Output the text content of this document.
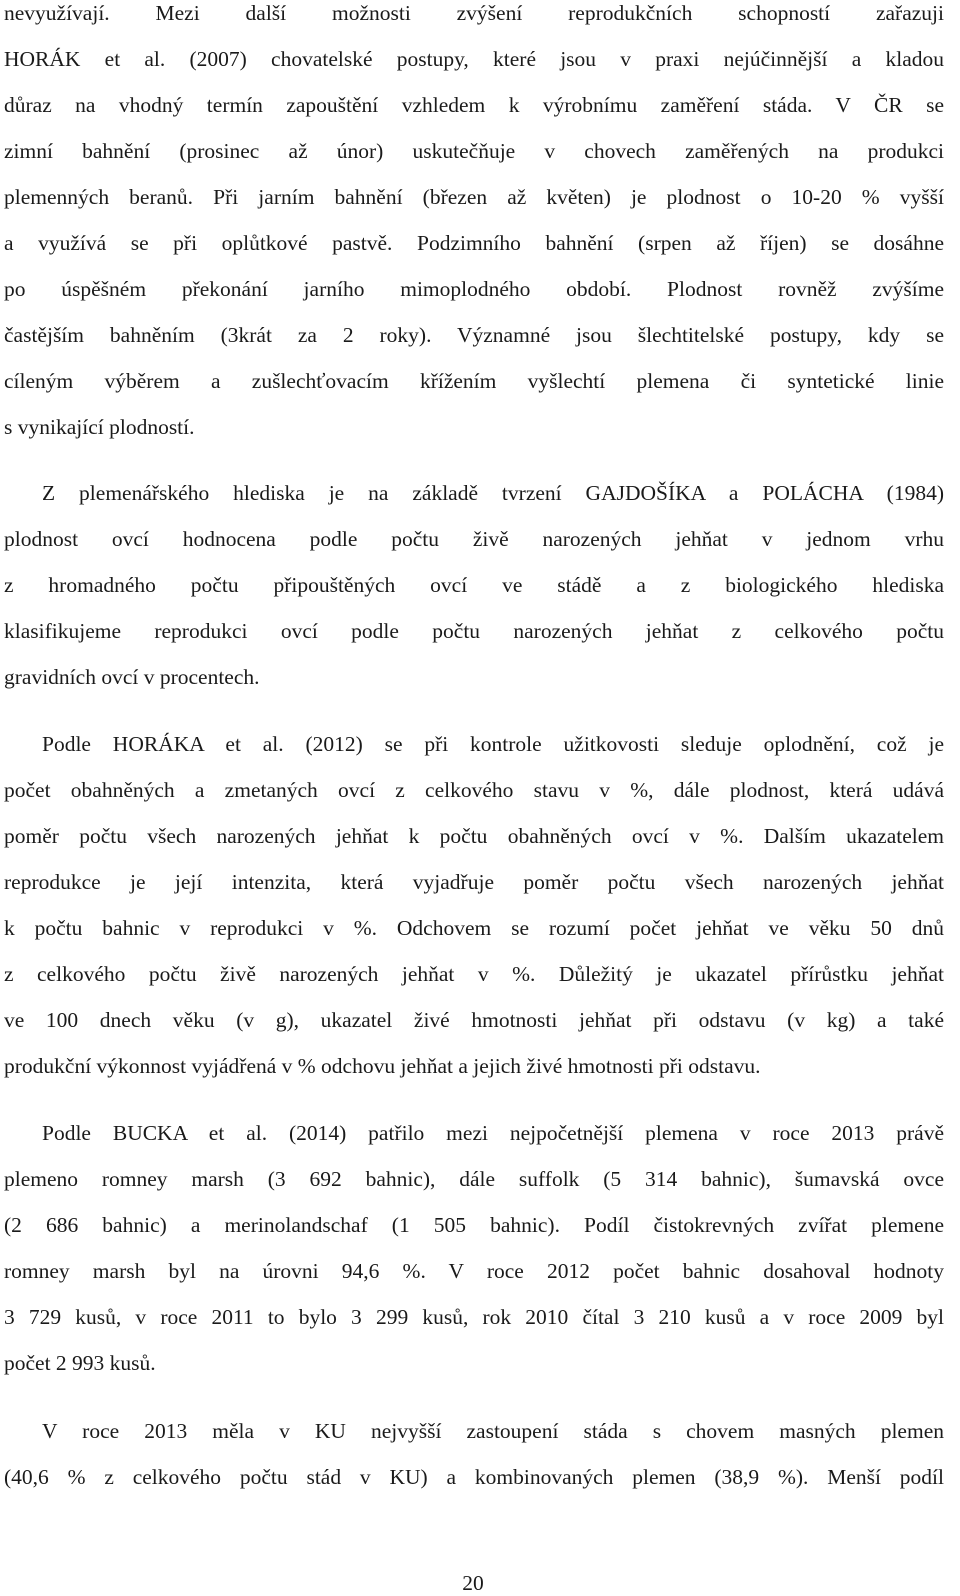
nevyužívají. Mezi další možnosti zvýšení reprodukčních schopností zařazuji
HORÁK et al. (2007) chovatelské postupy, které jsou v praxi nejúčinnější a kladou
důraz na vhodný termín zapouštění vzhledem k výrobnímu zaměření stáda. V ČR se
zimní bahnění (prosinec až únor) uskutečňuje v chovech zaměřených na produkci
plemenných beranů. Při jarním bahnění (březen až květen) je plodnost o 10-20 % vyšší
a využívá se při oplůtkové pastvě. Podzimního bahnění (srpen až říjen) se dosáhne
po úspěšném překonání jarního mimoplodného období. Plodnost rovněž zvýšíme
častějším bahněním (3krát za 2 roky). Významné jsou šlechtitelské postupy, kdy se
cíleným výběrem a zušlechťovacím křížením vyšlechtí plemena či syntetické linie
s vynikající plodností.
Z plemenářského hlediska je na základě tvrzení GAJDOŠÍKA a POLÁCHA (1984)
plodnost ovcí hodnocena podle počtu živě narozených jehňat v jednom vrhu
z hromadného počtu připouštěných ovcí ve stádě a z biologického hlediska
klasifikujeme reprodukci ovcí podle počtu narozených jehňat z celkového počtu
gravidních ovcí v procentech.
Podle HORÁKA et al. (2012) se při kontrole užitkovosti sleduje oplodnění, což je
počet obahněných a zmetaných ovcí z celkového stavu v %, dále plodnost, která udává
poměr počtu všech narozených jehňat k počtu obahněných ovcí v %. Dalším ukazatelem
reprodukce je její intenzita, která vyjadřuje poměr počtu všech narozených jehňat
k počtu bahnic v reprodukci v %. Odchovem se rozumí počet jehňat ve věku 50 dnů
z celkového počtu živě narozených jehňat v %. Důležitý je ukazatel přírůstku jehňat
ve 100 dnech věku (v g), ukazatel živé hmotnosti jehňat při odstavu (v kg) a také
produkční výkonnost vyjádřená v % odchovu jehňat a jejich živé hmotnosti při odstavu.
Podle BUCKA et al. (2014) patřilo mezi nejpočetnější plemena v roce 2013 právě
plemeno romney marsh (3 692 bahnic), dále suffolk (5 314 bahnic), šumavská ovce
(2 686 bahnic) a merinolandschaf (1 505 bahnic). Podíl čistokrevných zvířat plemene
romney marsh byl na úrovni 94,6 %. V roce 2012 počet bahnic dosahoval hodnoty
3 729 kusů, v roce 2011 to bylo 3 299 kusů, rok 2010 čítal 3 210 kusů a v roce 2009 byl
počet 2 993 kusů.
V roce 2013 měla v KU nejvyšší zastoupení stáda s chovem masných plemen
(40,6 % z celkového počtu stád v KU) a kombinovaných plemen (38,9 %). Menší podíl
20
